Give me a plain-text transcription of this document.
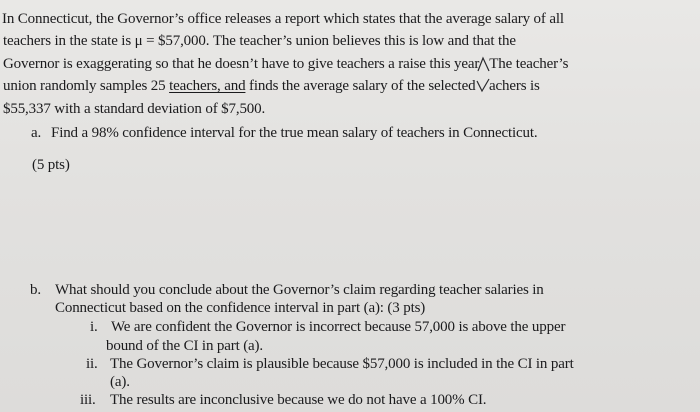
In Connecticut, the Governor’s office releases a report which states that the average salary of all
teachers in the state is μ = $57,000. The teacher’s union believes this is low and that the
Governor is exaggerating so that he doesn’t have to give teachers a raise this year The teacher’s
union randomly samples 25 teachers, and finds the average salary of the selected
achers is
$55,337 with a standard deviation of $7,500.
a. Find a 98% confidence interval for the true mean salary of teachers in Connecticut.
(5 pts)
b. What should you conclude about the Governor’s claim regarding teacher salaries in
Connecticut based on the confidence interval in part (a): (3 pts)
i. We are confident the Governor is incorrect because 57,000 is above the upper
bound of the CI in part (a).
ii. The Governor’s claim is plausible because $57,000 is included in the CI in part
(a).
iii. The results are inconclusive because we do not have a 100% CI.
